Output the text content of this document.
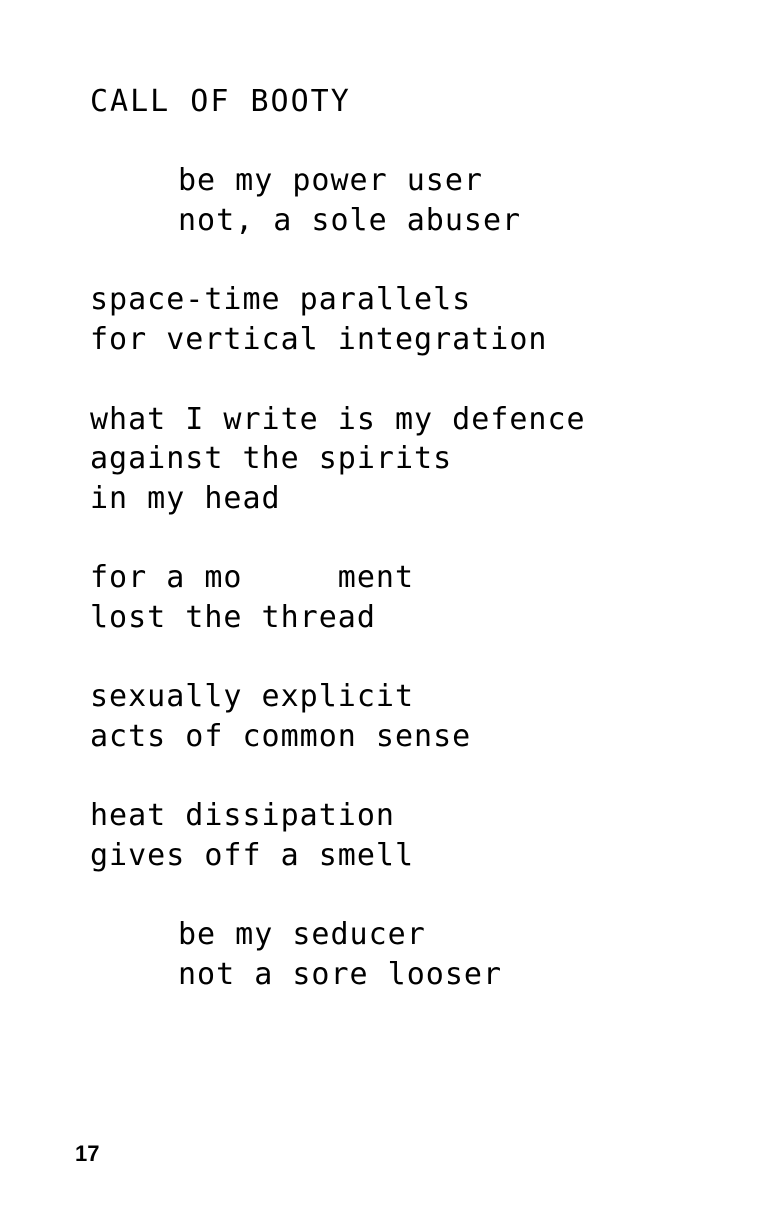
CALL OF BOOTY
be my power user
not, a sole abuser
space-time parallels
for vertical integration
what I write is my defence
against the spirits
in my head
for a mo     ment
lost the thread
sexually explicit
acts of common sense
heat dissipation
gives off a smell
be my seducer
not a sore looser
17
